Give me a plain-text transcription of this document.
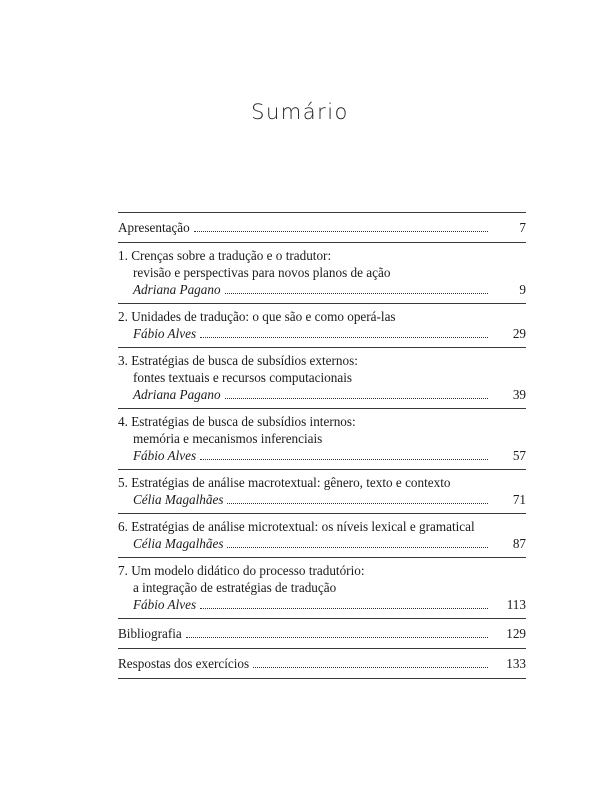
Sumário
Apresentação	7
1. Crenças sobre a tradução e o tradutor:
revisão e perspectivas para novos planos de ação
Adriana Pagano	9
2. Unidades de tradução: o que são e como operá-las
Fábio Alves	29
3. Estratégias de busca de subsídios externos:
fontes textuais e recursos computacionais
Adriana Pagano	39
4. Estratégias de busca de subsídios internos:
memória e mecanismos inferenciais
Fábio Alves	57
5. Estratégias de análise macrotextual: gênero, texto e contexto
Célia Magalhães	71
6. Estratégias de análise microtextual: os níveis lexical e gramatical
Célia Magalhães	87
7. Um modelo didático do processo tradutório:
a integração de estratégias de tradução
Fábio Alves	113
Bibliografia	129
Respostas dos exercícios	133
